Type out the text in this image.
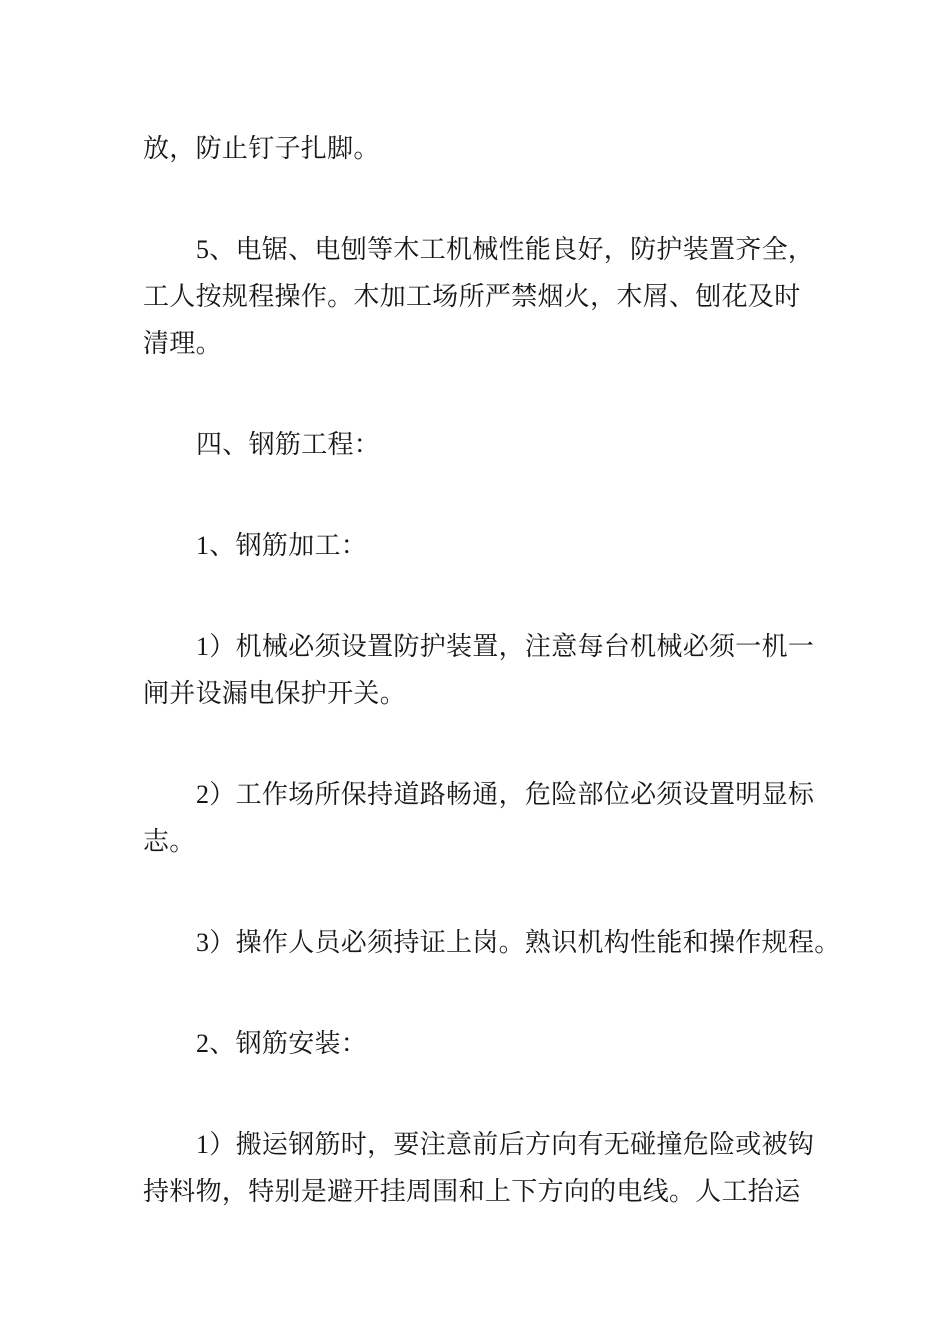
放，防止钉子扎脚。
5、电锯、电刨等木工机械性能良好，防护装置齐全，
工人按规程操作。木加工场所严禁烟火，木屑、刨花及时
清理。
四、钢筋工程：
1、钢筋加工：
1）机械必须设置防护装置，注意每台机械必须一机一
闸并设漏电保护开关。
2）工作场所保持道路畅通，危险部位必须设置明显标
志。
3）操作人员必须持证上岗。熟识机构性能和操作规程。
2、钢筋安装：
1）搬运钢筋时，要注意前后方向有无碰撞危险或被钩
持料物，特别是避开挂周围和上下方向的电线。人工抬运
